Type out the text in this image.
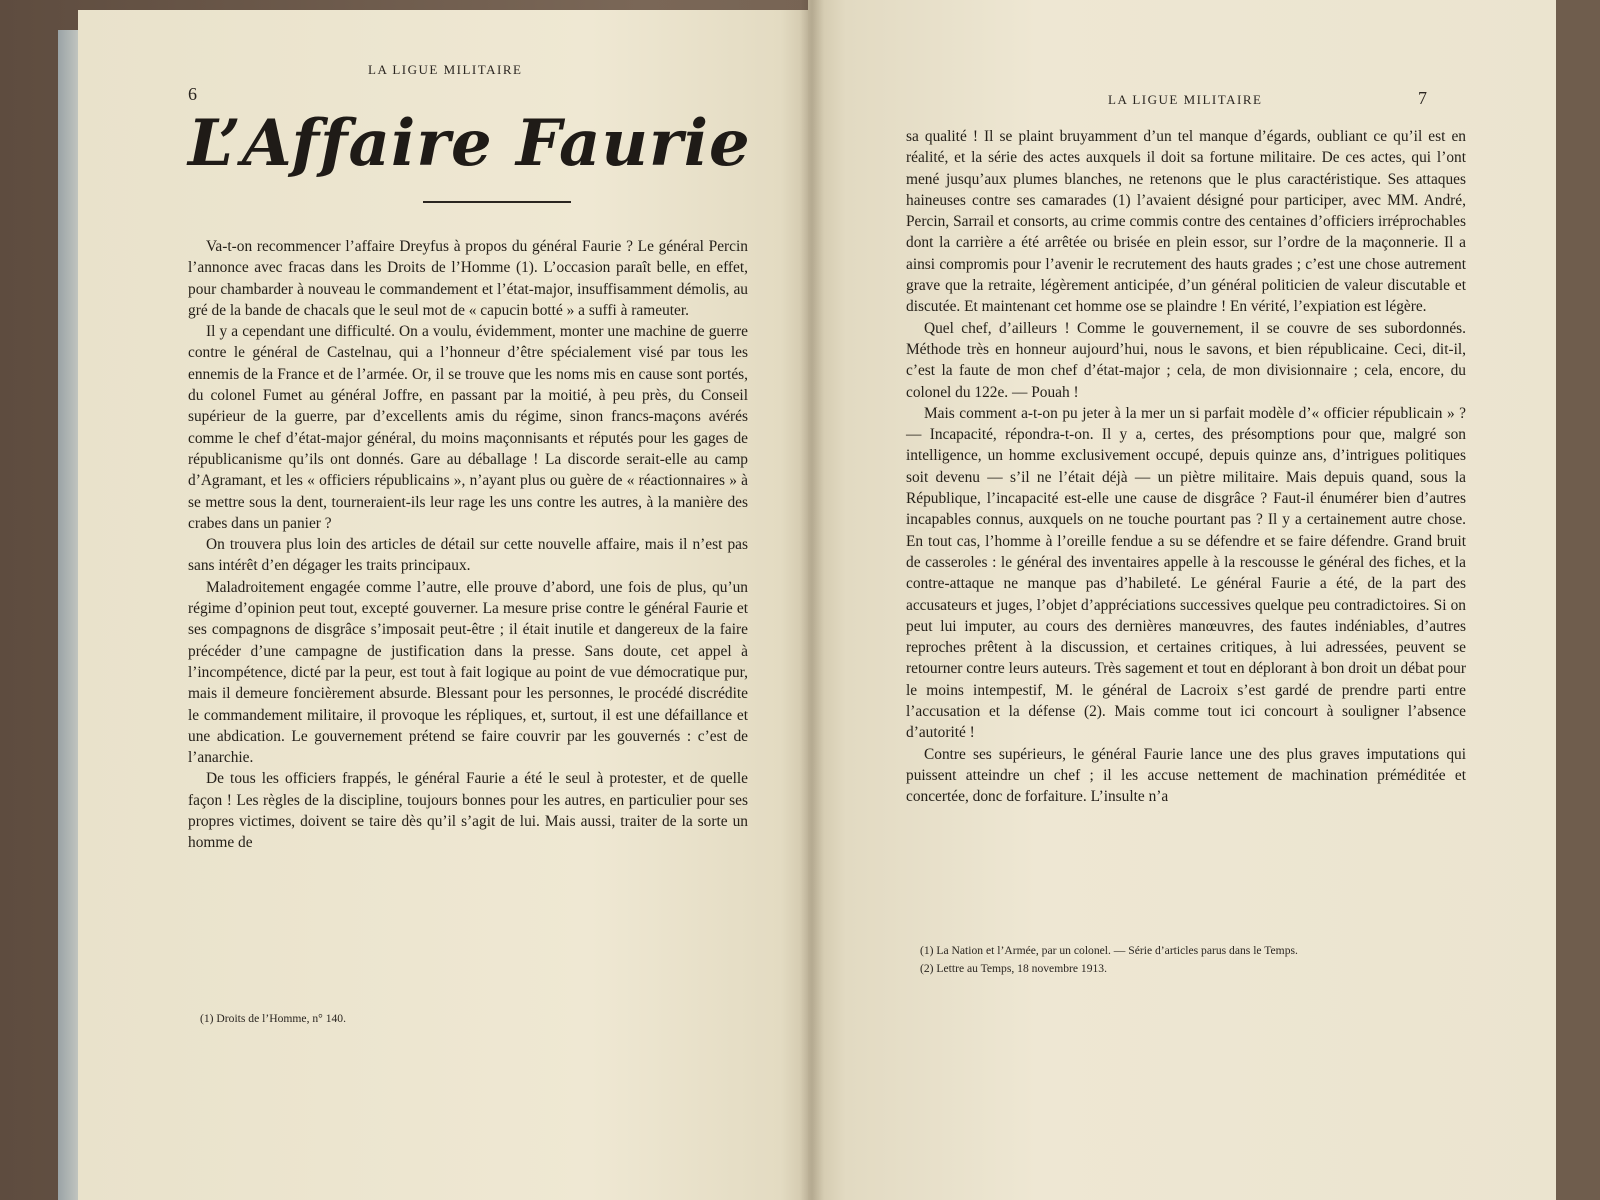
6
LA LIGUE MILITAIRE
L’Affaire Faurie

Va-t-on recommencer l’affaire Dreyfus à propos du général Faurie ? Le général Percin l’annonce avec fracas dans les Droits de l’Homme (1). L’occasion paraît belle, en effet, pour chambarder à nouveau le commandement et l’état-major, insuffisamment démolis, au gré de la bande de chacals que le seul mot de « capucin botté » a suffi à rameuter.

Il y a cependant une difficulté. On a voulu, évidemment, monter une machine de guerre contre le général de Castelnau, qui a l’honneur d’être spécialement visé par tous les ennemis de la France et de l’armée. Or, il se trouve que les noms mis en cause sont portés, du colonel Fumet au général Joffre, en passant par la moitié, à peu près, du Conseil supérieur de la guerre, par d’excellents amis du régime, sinon francs-maçons avérés comme le chef d’état-major général, du moins maçonnisants et réputés pour les gages de républicanisme qu’ils ont donnés. Gare au déballage ! La discorde serait-elle au camp d’Agramant, et les « officiers républicains », n’ayant plus ou guère de « réactionnaires » à se mettre sous la dent, tourneraient-ils leur rage les uns contre les autres, à la manière des crabes dans un panier ?

On trouvera plus loin des articles de détail sur cette nouvelle affaire, mais il n’est pas sans intérêt d’en dégager les traits principaux.

Maladroitement engagée comme l’autre, elle prouve d’abord, une fois de plus, qu’un régime d’opinion peut tout, excepté gouverner. La mesure prise contre le général Faurie et ses compagnons de disgrâce s’imposait peut-être ; il était inutile et dangereux de la faire précéder d’une campagne de justification dans la presse. Sans doute, cet appel à l’incompétence, dicté par la peur, est tout à fait logique au point de vue démocratique pur, mais il demeure foncièrement absurde. Blessant pour les personnes, le procédé discrédite le commandement militaire, il provoque les répliques, et, surtout, il est une défaillance et une abdication. Le gouvernement prétend se faire couvrir par les gouvernés : c’est de l’anarchie.

De tous les officiers frappés, le général Faurie a été le seul à protester, et de quelle façon ! Les règles de la discipline, toujours bonnes pour les autres, en particulier pour ses propres victimes, doivent se taire dès qu’il s’agit de lui. Mais aussi, traiter de la sorte un homme de

(1) Droits de l’Homme, n° 140.
LA LIGUE MILITAIRE	7

sa qualité ! Il se plaint bruyamment d’un tel manque d’égards, oubliant ce qu’il est en réalité, et la série des actes auxquels il doit sa fortune militaire. De ces actes, qui l’ont mené jusqu’aux plumes blanches, ne retenons que le plus caractéristique. Ses attaques haineuses contre ses camarades (1) l’avaient désigné pour participer, avec MM. André, Percin, Sarrail et consorts, au crime commis contre des centaines d’officiers irréprochables dont la carrière a été arrêtée ou brisée en plein essor, sur l’ordre de la maçonnerie. Il a ainsi compromis pour l’avenir le recrutement des hauts grades ; c’est une chose autrement grave que la retraite, légèrement anticipée, d’un général politicien de valeur discutable et discutée. Et maintenant cet homme ose se plaindre ! En vérité, l’expiation est légère.

Quel chef, d’ailleurs ! Comme le gouvernement, il se couvre de ses subordonnés. Méthode très en honneur aujourd’hui, nous le savons, et bien républicaine. Ceci, dit-il, c’est la faute de mon chef d’état-major ; cela, de mon divisionnaire ; cela, encore, du colonel du 122e. — Pouah !

Mais comment a-t-on pu jeter à la mer un si parfait modèle d’« officier républicain » ? — Incapacité, répondra-t-on. Il y a, certes, des présomptions pour que, malgré son intelligence, un homme exclusivement occupé, depuis quinze ans, d’intrigues politiques soit devenu — s’il ne l’était déjà — un piètre militaire. Mais depuis quand, sous la République, l’incapacité est-elle une cause de disgrâce ? Faut-il énumérer bien d’autres incapables connus, auxquels on ne touche pourtant pas ? Il y a certainement autre chose. En tout cas, l’homme à l’oreille fendue a su se défendre et se faire défendre. Grand bruit de casseroles : le général des inventaires appelle à la rescousse le général des fiches, et la contre-attaque ne manque pas d’habileté. Le général Faurie a été, de la part des accusateurs et juges, l’objet d’appréciations successives quelque peu contradictoires. Si on peut lui imputer, au cours des dernières manœuvres, des fautes indéniables, d’autres reproches prêtent à la discussion, et certaines critiques, à lui adressées, peuvent se retourner contre leurs auteurs. Très sagement et tout en déplorant à bon droit un débat pour le moins intempestif, M. le général de Lacroix s’est gardé de prendre parti entre l’accusation et la défense (2). Mais comme tout ici concourt à souligner l’absence d’autorité !

Contre ses supérieurs, le général Faurie lance une des plus graves imputations qui puissent atteindre un chef ; il les accuse nettement de machination préméditée et concertée, donc de forfaiture. L’insulte n’a

(1) La Nation et l’Armée, par un colonel. — Série d’articles parus dans le Temps.
(2) Lettre au Temps, 18 novembre 1913.
